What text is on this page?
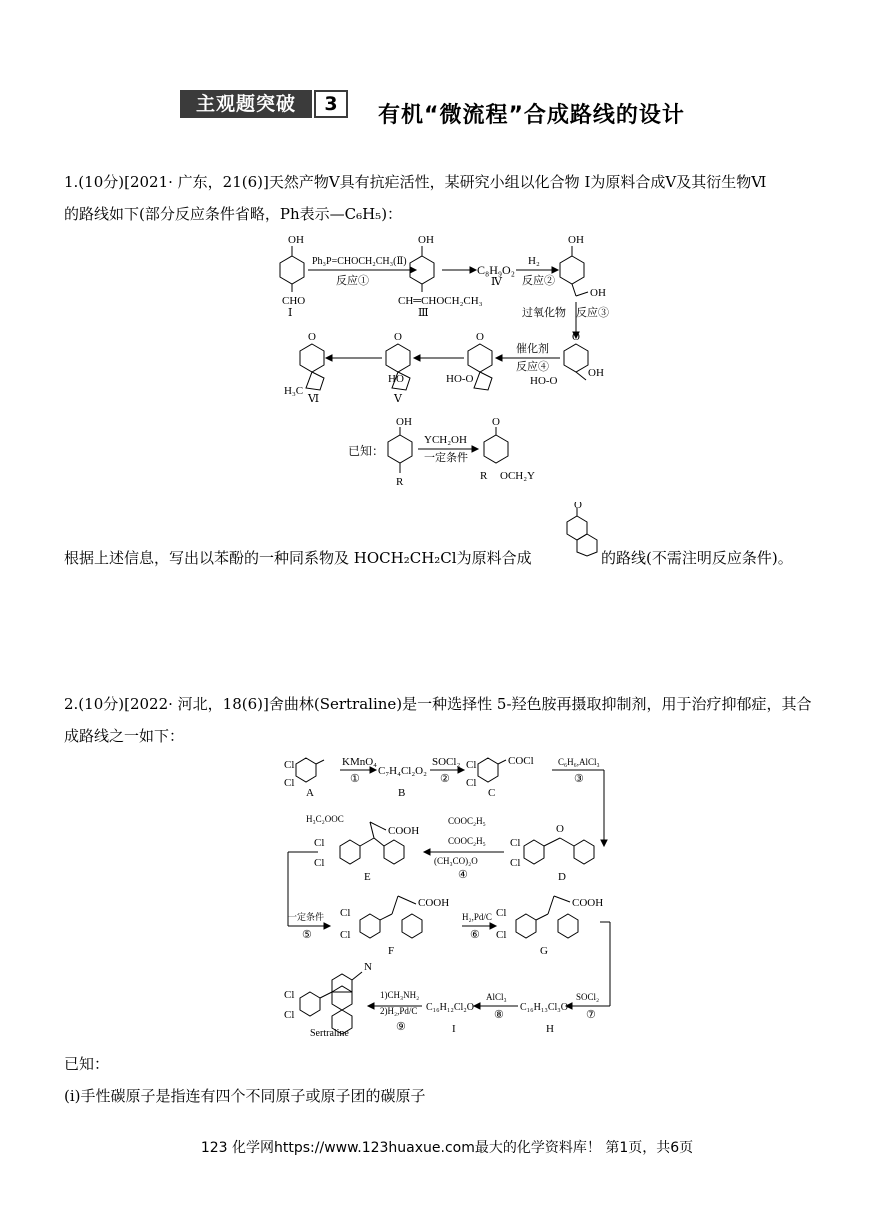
主观题突破	3	有机“微流程”合成路线的设计
1.(10分)[2021· 广东，21(6)]天然产物Ⅴ具有抗疟活性，某研究小组以化合物 Ⅰ为原料合成Ⅴ及其衍生物Ⅵ
的路线如下(部分反应条件省略，Ph表示—C₆H₅)：
OH
CHO
Ⅰ
Ph₃P=CHOCH₂CH₃(Ⅱ)
反应①
OH
CH═CHOCH₂CH₃
Ⅲ
C₈H₉O₂
Ⅳ
H₂
反应②
OH
OH
过氧化物 反应③
O
HO-O
OH
催化剂
反应④
O
HO-O
O
HO
Ⅴ
O
H₃C
Ⅵ
已知：
OH
R
YCH₂OH
一定条件
O
R OCH₂Y
根据上述信息，写出以苯酚的一种同系物及 HOCH₂CH₂Cl为原料合成
O
的路线(不需注明反应条件)。
2.(10分)[2022· 河北，18(6)]舍曲林(Sertraline)是一种选择性 5-羟色胺再摄取抑制剂，用于治疗抑郁症，其合
成路线之一如下：
Cl
Cl
A
KMnO₄
①
C₇H₄Cl₂O₂
B
SOCl₂
②
Cl
Cl
COCl
C
C₆H₆,AlCl₃
③
Cl
Cl
O
D
COOC₂H₅
COOC₂H₅
(CH₃CO)₂O
④
H₃C₂OOC
COOH
Cl
Cl
E
一定条件
⑤
Cl
Cl
COOH
F
H₂,Pd/C
⑥
Cl
Cl
COOH
G
SOCl₂
⑦
C₁₆H₁₃Cl₃O
H
AlCl₃
⑧
C₁₆H₁₂Cl₂O
I
1)CH₃NH₂
2)H₂,Pd/C
⑨
Cl
Cl
N
Sertraline
已知：
(ⅰ)手性碳原子是指连有四个不同原子或原子团的碳原子
123 化学网https://www.123huaxue.com最大的化学资料库！ 第1页，共6页
